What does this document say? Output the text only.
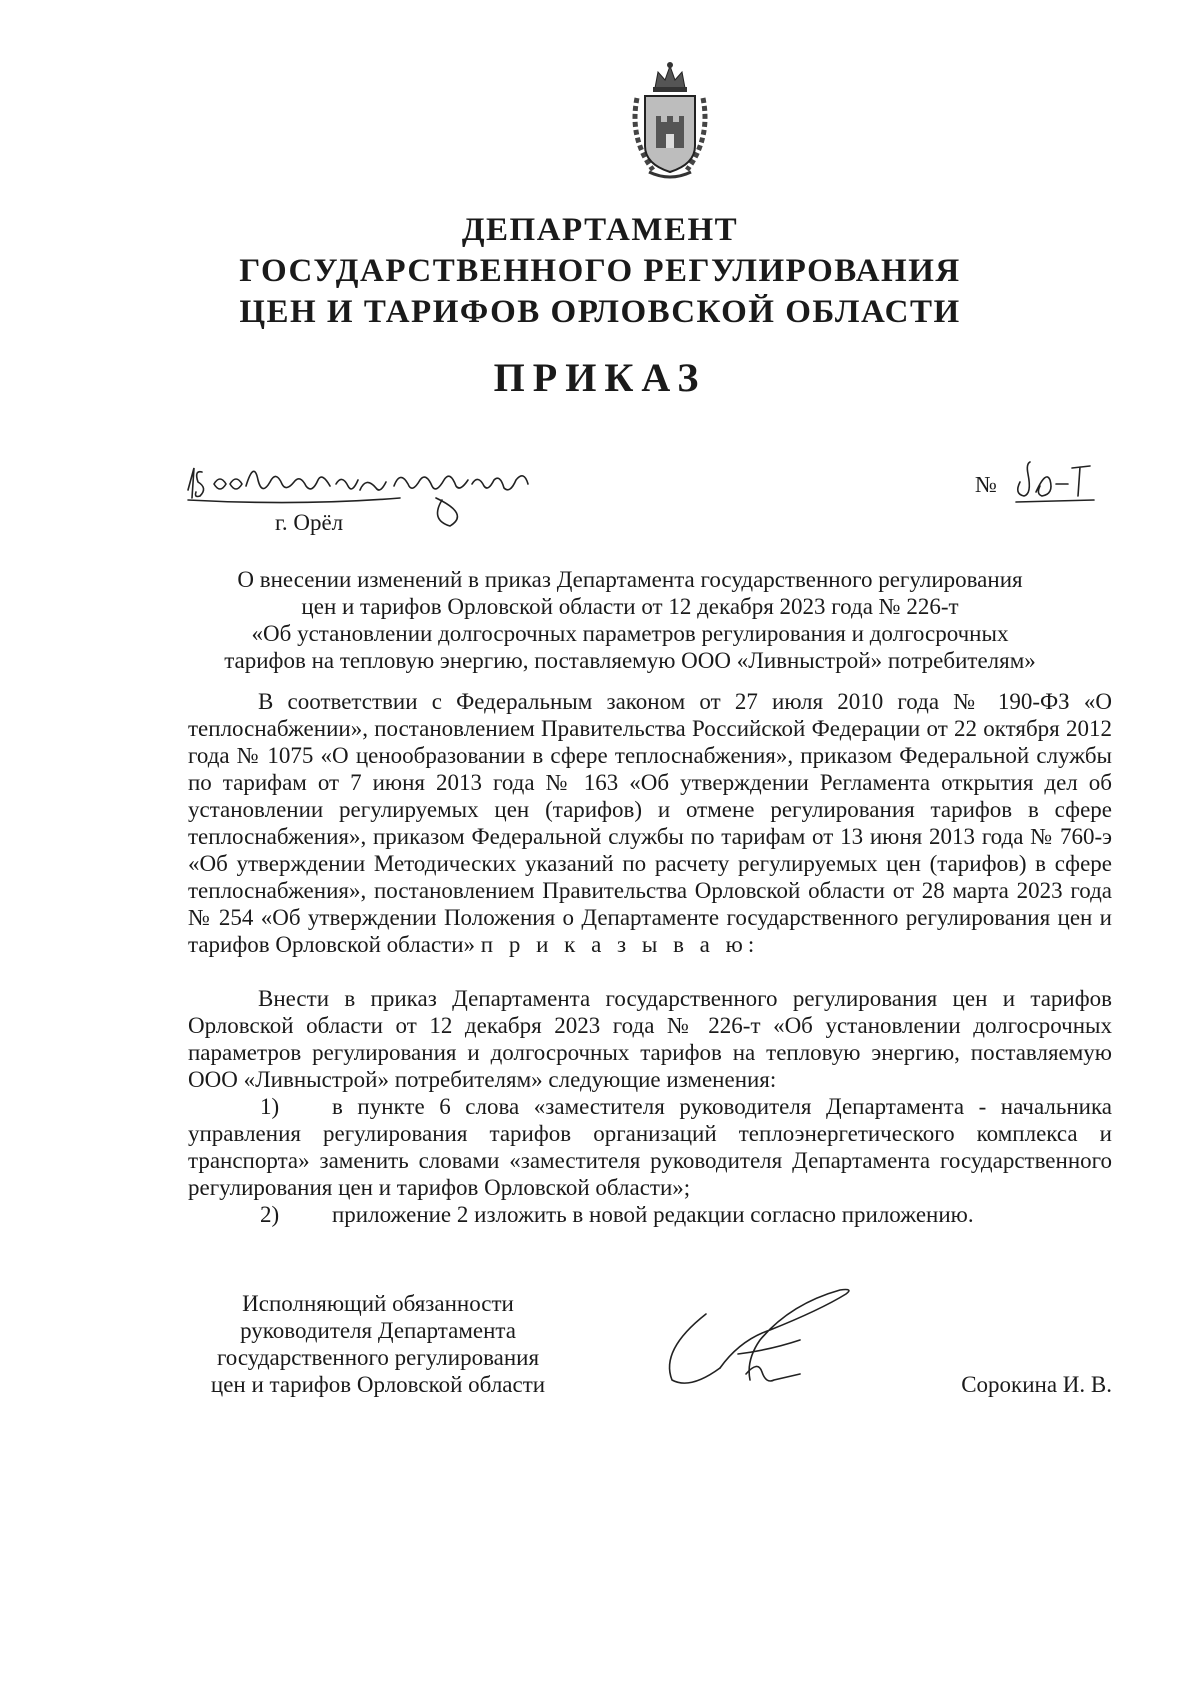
ДЕПАРТАМЕНТ
ГОСУДАРСТВЕННОГО РЕГУЛИРОВАНИЯ
ЦЕН И ТАРИФОВ ОРЛОВСКОЙ ОБЛАСТИ
ПРИКАЗ
г. Орёл
№
О внесении изменений в приказ Департамента государственного регулирования
цен и тарифов Орловской области от 12 декабря 2023 года № 226-т
«Об установлении долгосрочных параметров регулирования и долгосрочных
тарифов на тепловую энергию, поставляемую ООО «Ливныстрой» потребителям»

В соответствии с Федеральным законом от 27 июля 2010 года № 190-ФЗ «О теплоснабжении», постановлением Правительства Российской Федерации от 22 октября 2012 года № 1075 «О ценообразовании в сфере теплоснабжения», приказом Федеральной службы по тарифам от 7 июня 2013 года № 163 «Об утверждении Регламента открытия дел об установлении регулируемых цен (тарифов) и отмене регулирования тарифов в сфере теплоснабжения», приказом Федеральной службы по тарифам от 13 июня 2013 года № 760-э «Об утверждении Методических указаний по расчету регулируемых цен (тарифов) в сфере теплоснабжения», постановлением Правительства Орловской области от 28 марта 2023 года № 254 «Об утверждении Положения о Департаменте государственного регулирования цен и тарифов Орловской области» п р и к а з ы в а ю:

Внести в приказ Департамента государственного регулирования цен и тарифов Орловской области от 12 декабря 2023 года № 226-т «Об установлении долгосрочных параметров регулирования и долгосрочных тарифов на тепловую энергию, поставляемую ООО «Ливныстрой» потребителям» следующие изменения:

1) в пункте 6 слова «заместителя руководителя Департамента - начальника управления регулирования тарифов организаций теплоэнергетического комплекса и транспорта» заменить словами «заместителя руководителя Департамента государственного регулирования цен и тарифов Орловской области»;

2) приложение 2 изложить в новой редакции согласно приложению.

Исполняющий обязанности
руководителя Департамента
государственного регулирования
цен и тарифов Орловской области	Сорокина И. В.
